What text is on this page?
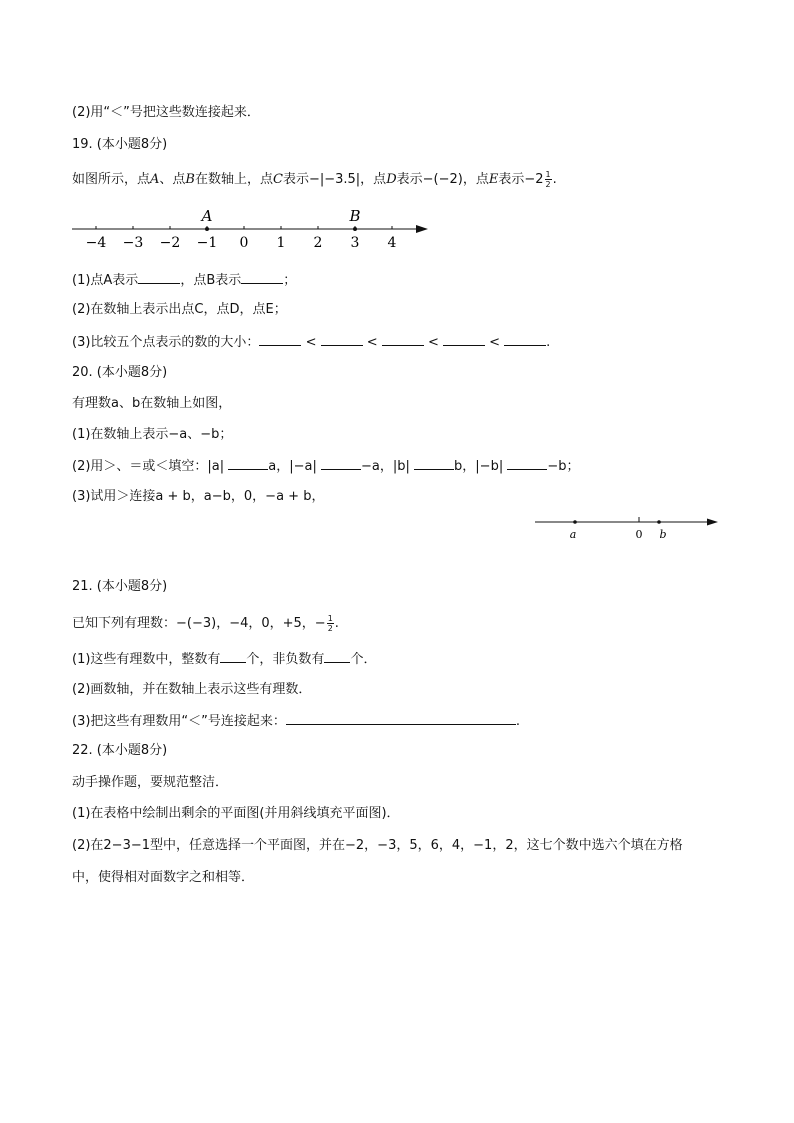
(2)用“＜”号把这些数连接起来．
19. (本小题8分)
如图所示，点A、点B在数轴上，点C表示−|−3.5|，点D表示−(−2)，点E表示$-2 \frac{1}{2}$ .
−4 −3 −2 −1 0 1 2 3 4
A	B
(1)点A表示	，点B表示	；
(2)在数轴上表示出点C，点D，点E；
(3)比较五个点表示的数的大小：	<	<	<	<	.
20. (本小题8分)
有理数a、b在数轴上如图，
(1)在数轴上表示−a、−b；
(2)用＞、＝或＜填空：|a|	a，|−a|	−a，|b|	b，|−b|	−b；
(3)试用＞连接a + b，a−b，0，−a + b，
a	0 b
21. (本小题8分)
已知下列有理数：−(−3)，−4，0，+5，− $\frac{1}{2}$ .
(1)这些有理数中，整数有 个，非负数有 个．
(2)画数轴，并在数轴上表示这些有理数．
(3)把这些有理数用“＜”号连接起来：	.
22. (本小题8分)
动手操作题，要规范整洁．
(1)在表格中绘制出剩余的平面图(并用斜线填充平面图)．
(2)在2−3−1型中，任意选择一个平面图，并在−2，−3，5，6，4，−1，2，这七个数中选六个填在方格
中，使得相对面数字之和相等．
